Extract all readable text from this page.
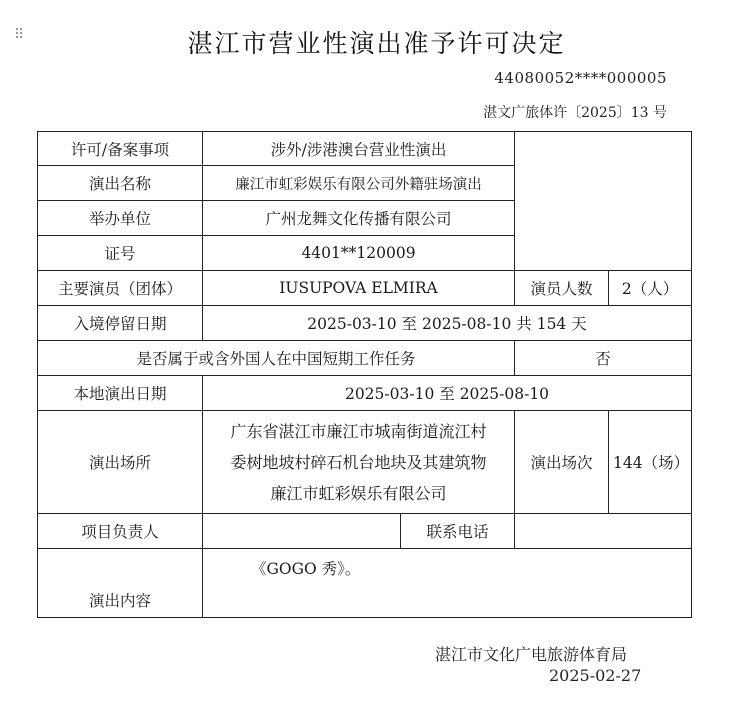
⠿	湛江市营业性演出准予许可决定
44080052****000005
湛文广旅体许〔2025〕13 号
许可/备案事项	涉外/涉港澳台营业性演出			
演出名称	廉江市虹彩娱乐有限公司外籍驻场演出			
举办单位	广州龙舞文化传播有限公司			
证号	4401**120009			
主要演员（团体）	IUSUPOVA ELMIRA		演员人数	2（人）
入境停留日期	2025-03-10 至 2025-08-10 共 154 天			
是否属于或含外国人在中国短期工作任务			否	
本地演出日期	2025-03-10 至 2025-08-10			
演出场所	广东省湛江市廉江市城南街道流江村
委树地坡村碎石机台地块及其建筑物
廉江市虹彩娱乐有限公司		演出场次	144（场）
项目负责人		联系电话		

演出内容	《GOGO 秀》。			
湛江市文化广电旅游体育局
2025-02-27
